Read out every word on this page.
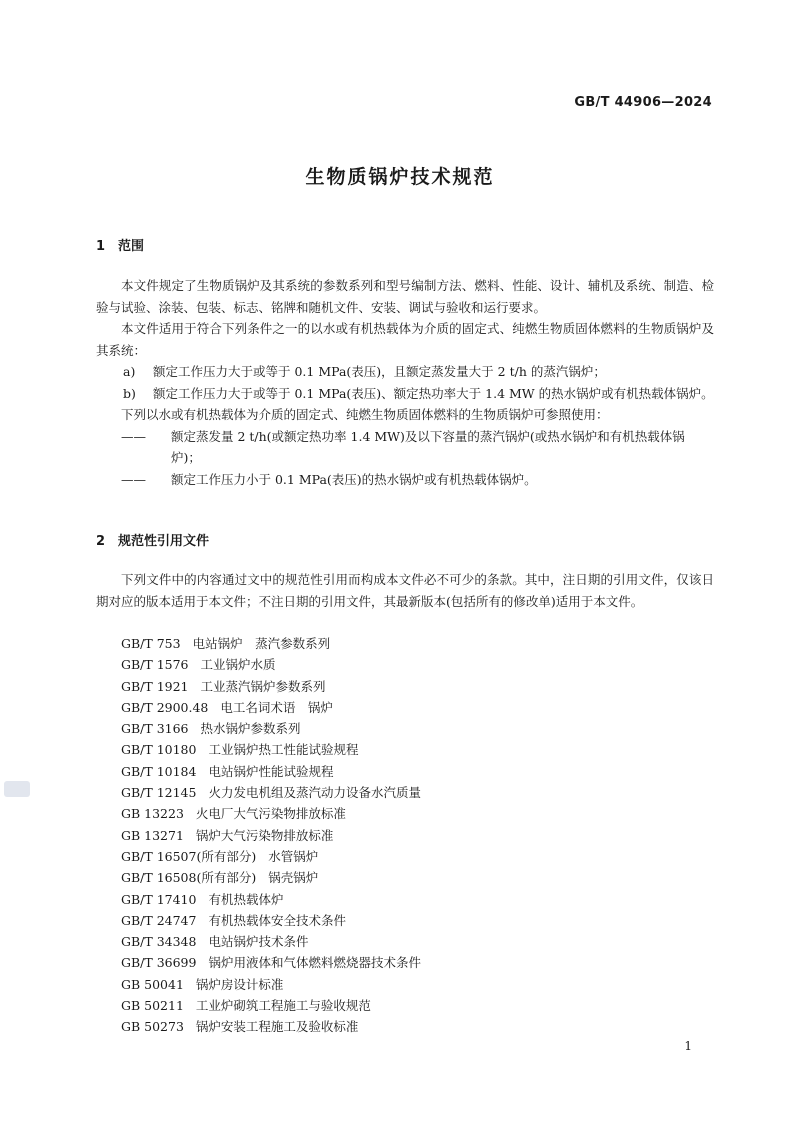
GB/T 44906—2024
生物质锅炉技术规范
1 范围

本文件规定了生物质锅炉及其系统的参数系列和型号编制方法、燃料、性能、设计、辅机及系统、制造、检验与试验、涂装、包装、标志、铭牌和随机文件、安装、调试与验收和运行要求。

本文件适用于符合下列条件之一的以水或有机热载体为介质的固定式、纯燃生物质固体燃料的生物质锅炉及其系统：

a) 额定工作压力大于或等于 0.1 MPa(表压)，且额定蒸发量大于 2 t/h 的蒸汽锅炉；

b) 额定工作压力大于或等于 0.1 MPa(表压)、额定热功率大于 1.4 MW 的热水锅炉或有机热载体锅炉。

下列以水或有机热载体为介质的固定式、纯燃生物质固体燃料的生物质锅炉可参照使用：

—— 额定蒸发量 2 t/h(或额定热功率 1.4 MW)及以下容量的蒸汽锅炉(或热水锅炉和有机热载体锅炉)；

—— 额定工作压力小于 0.1 MPa(表压)的热水锅炉或有机热载体锅炉。

2 规范性引用文件

下列文件中的内容通过文中的规范性引用而构成本文件必不可少的条款。其中，注日期的引用文件，仅该日期对应的版本适用于本文件；不注日期的引用文件，其最新版本(包括所有的修改单)适用于本文件。

GB/T 753 电站锅炉　蒸汽参数系列

GB/T 1576 工业锅炉水质

GB/T 1921 工业蒸汽锅炉参数系列

GB/T 2900.48 电工名词术语　锅炉

GB/T 3166 热水锅炉参数系列

GB/T 10180 工业锅炉热工性能试验规程

GB/T 10184 电站锅炉性能试验规程

GB/T 12145 火力发电机组及蒸汽动力设备水汽质量

GB 13223 火电厂大气污染物排放标准

GB 13271 锅炉大气污染物排放标准

GB/T 16507(所有部分) 水管锅炉

GB/T 16508(所有部分) 锅壳锅炉

GB/T 17410 有机热载体炉

GB/T 24747 有机热载体安全技术条件

GB/T 34348 电站锅炉技术条件

GB/T 36699 锅炉用液体和气体燃料燃烧器技术条件

GB 50041 锅炉房设计标准

GB 50211 工业炉砌筑工程施工与验收规范

GB 50273 锅炉安装工程施工及验收标准

1
